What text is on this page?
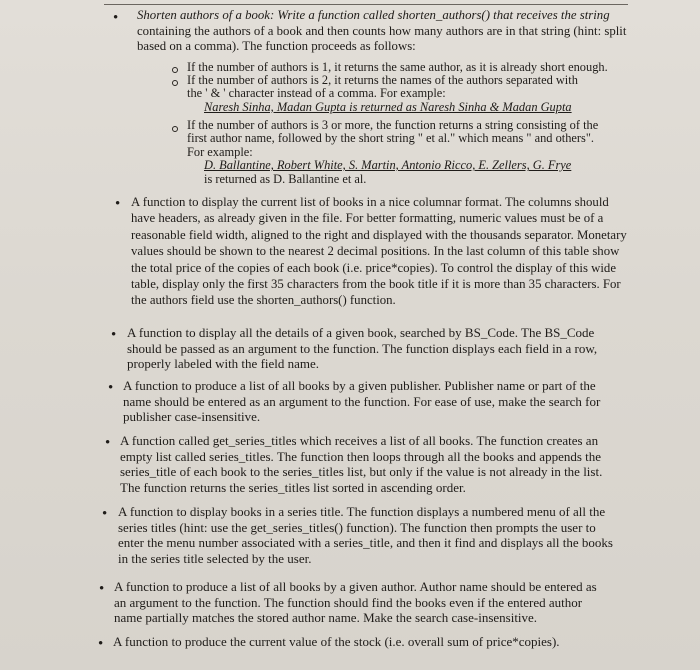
• Shorten authors of a book: Write a function called shorten_authors() that receives the string
containing the authors of a book and then counts how many authors are in that string (hint: split
based on a comma). The function proceeds as follows:
If the number of authors is 1, it returns the same author, as it is already short enough.
If the number of authors is 2, it returns the names of the authors separated with
the ' & ' character instead of a comma. For example:
Naresh Sinha, Madan Gupta is returned as Naresh Sinha & Madan Gupta
If the number of authors is 3 or more, the function returns a string consisting of the
first author name, followed by the short string " et al." which means " and others".
For example:
D. Ballantine, Robert White, S. Martin, Antonio Ricco, E. Zellers, G. Frye
is returned as D. Ballantine et al.
• A function to display the current list of books in a nice columnar format. The columns should
have headers, as already given in the file. For better formatting, numeric values must be of a
reasonable field width, aligned to the right and displayed with the thousands separator. Monetary
values should be shown to the nearest 2 decimal positions. In the last column of this table show
the total price of the copies of each book (i.e. price*copies). To control the display of this wide
table, display only the first 35 characters from the book title if it is more than 35 characters. For
the authors field use the shorten_authors() function.
• A function to display all the details of a given book, searched by BS_Code. The BS_Code
should be passed as an argument to the function. The function displays each field in a row,
properly labeled with the field name.
• A function to produce a list of all books by a given publisher. Publisher name or part of the
name should be entered as an argument to the function. For ease of use, make the search for
publisher case-insensitive.
• A function called get_series_titles which receives a list of all books. The function creates an
empty list called series_titles. The function then loops through all the books and appends the
series_title of each book to the series_titles list, but only if the value is not already in the list.
The function returns the series_titles list sorted in ascending order.
• A function to display books in a series title. The function displays a numbered menu of all the
series titles (hint: use the get_series_titles() function). The function then prompts the user to
enter the menu number associated with a series_title, and then it find and displays all the books
in the series title selected by the user.
• A function to produce a list of all books by a given author. Author name should be entered as
an argument to the function. The function should find the books even if the entered author
name partially matches the stored author name. Make the search case-insensitive.
• A function to produce the current value of the stock (i.e. overall sum of price*copies).
